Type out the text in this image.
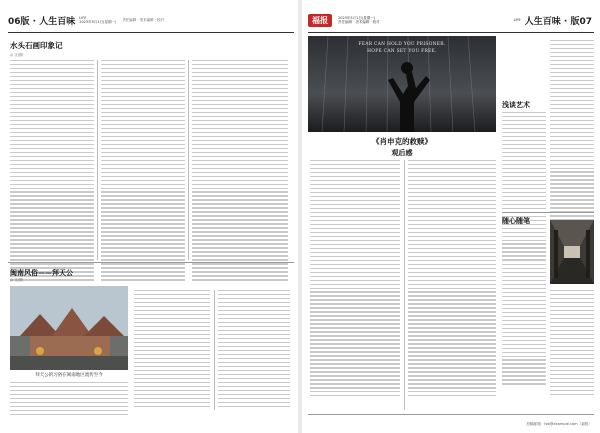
06版 · 人生百味 LIFE
2023年5月1日(星期一)
责任编辑 · 美术编辑 · 校对
水头石画印象记
◎ 文/图
闽南风俗——拜天公
◎ 文/图
拜天公的习俗在闽南地区流传至今
福报	2023年5月1日(星期一)
责任编辑 · 美术编辑 · 校对
LIFE 人生百味 · 版07
FEAR CAN HOLD YOU PRISONER.
HOPE CAN SET YOU FREE.
浅谈艺术
《肖申克的救赎》
观后感
随心随笔
投稿邮箱：fzb@example.com（福报）
